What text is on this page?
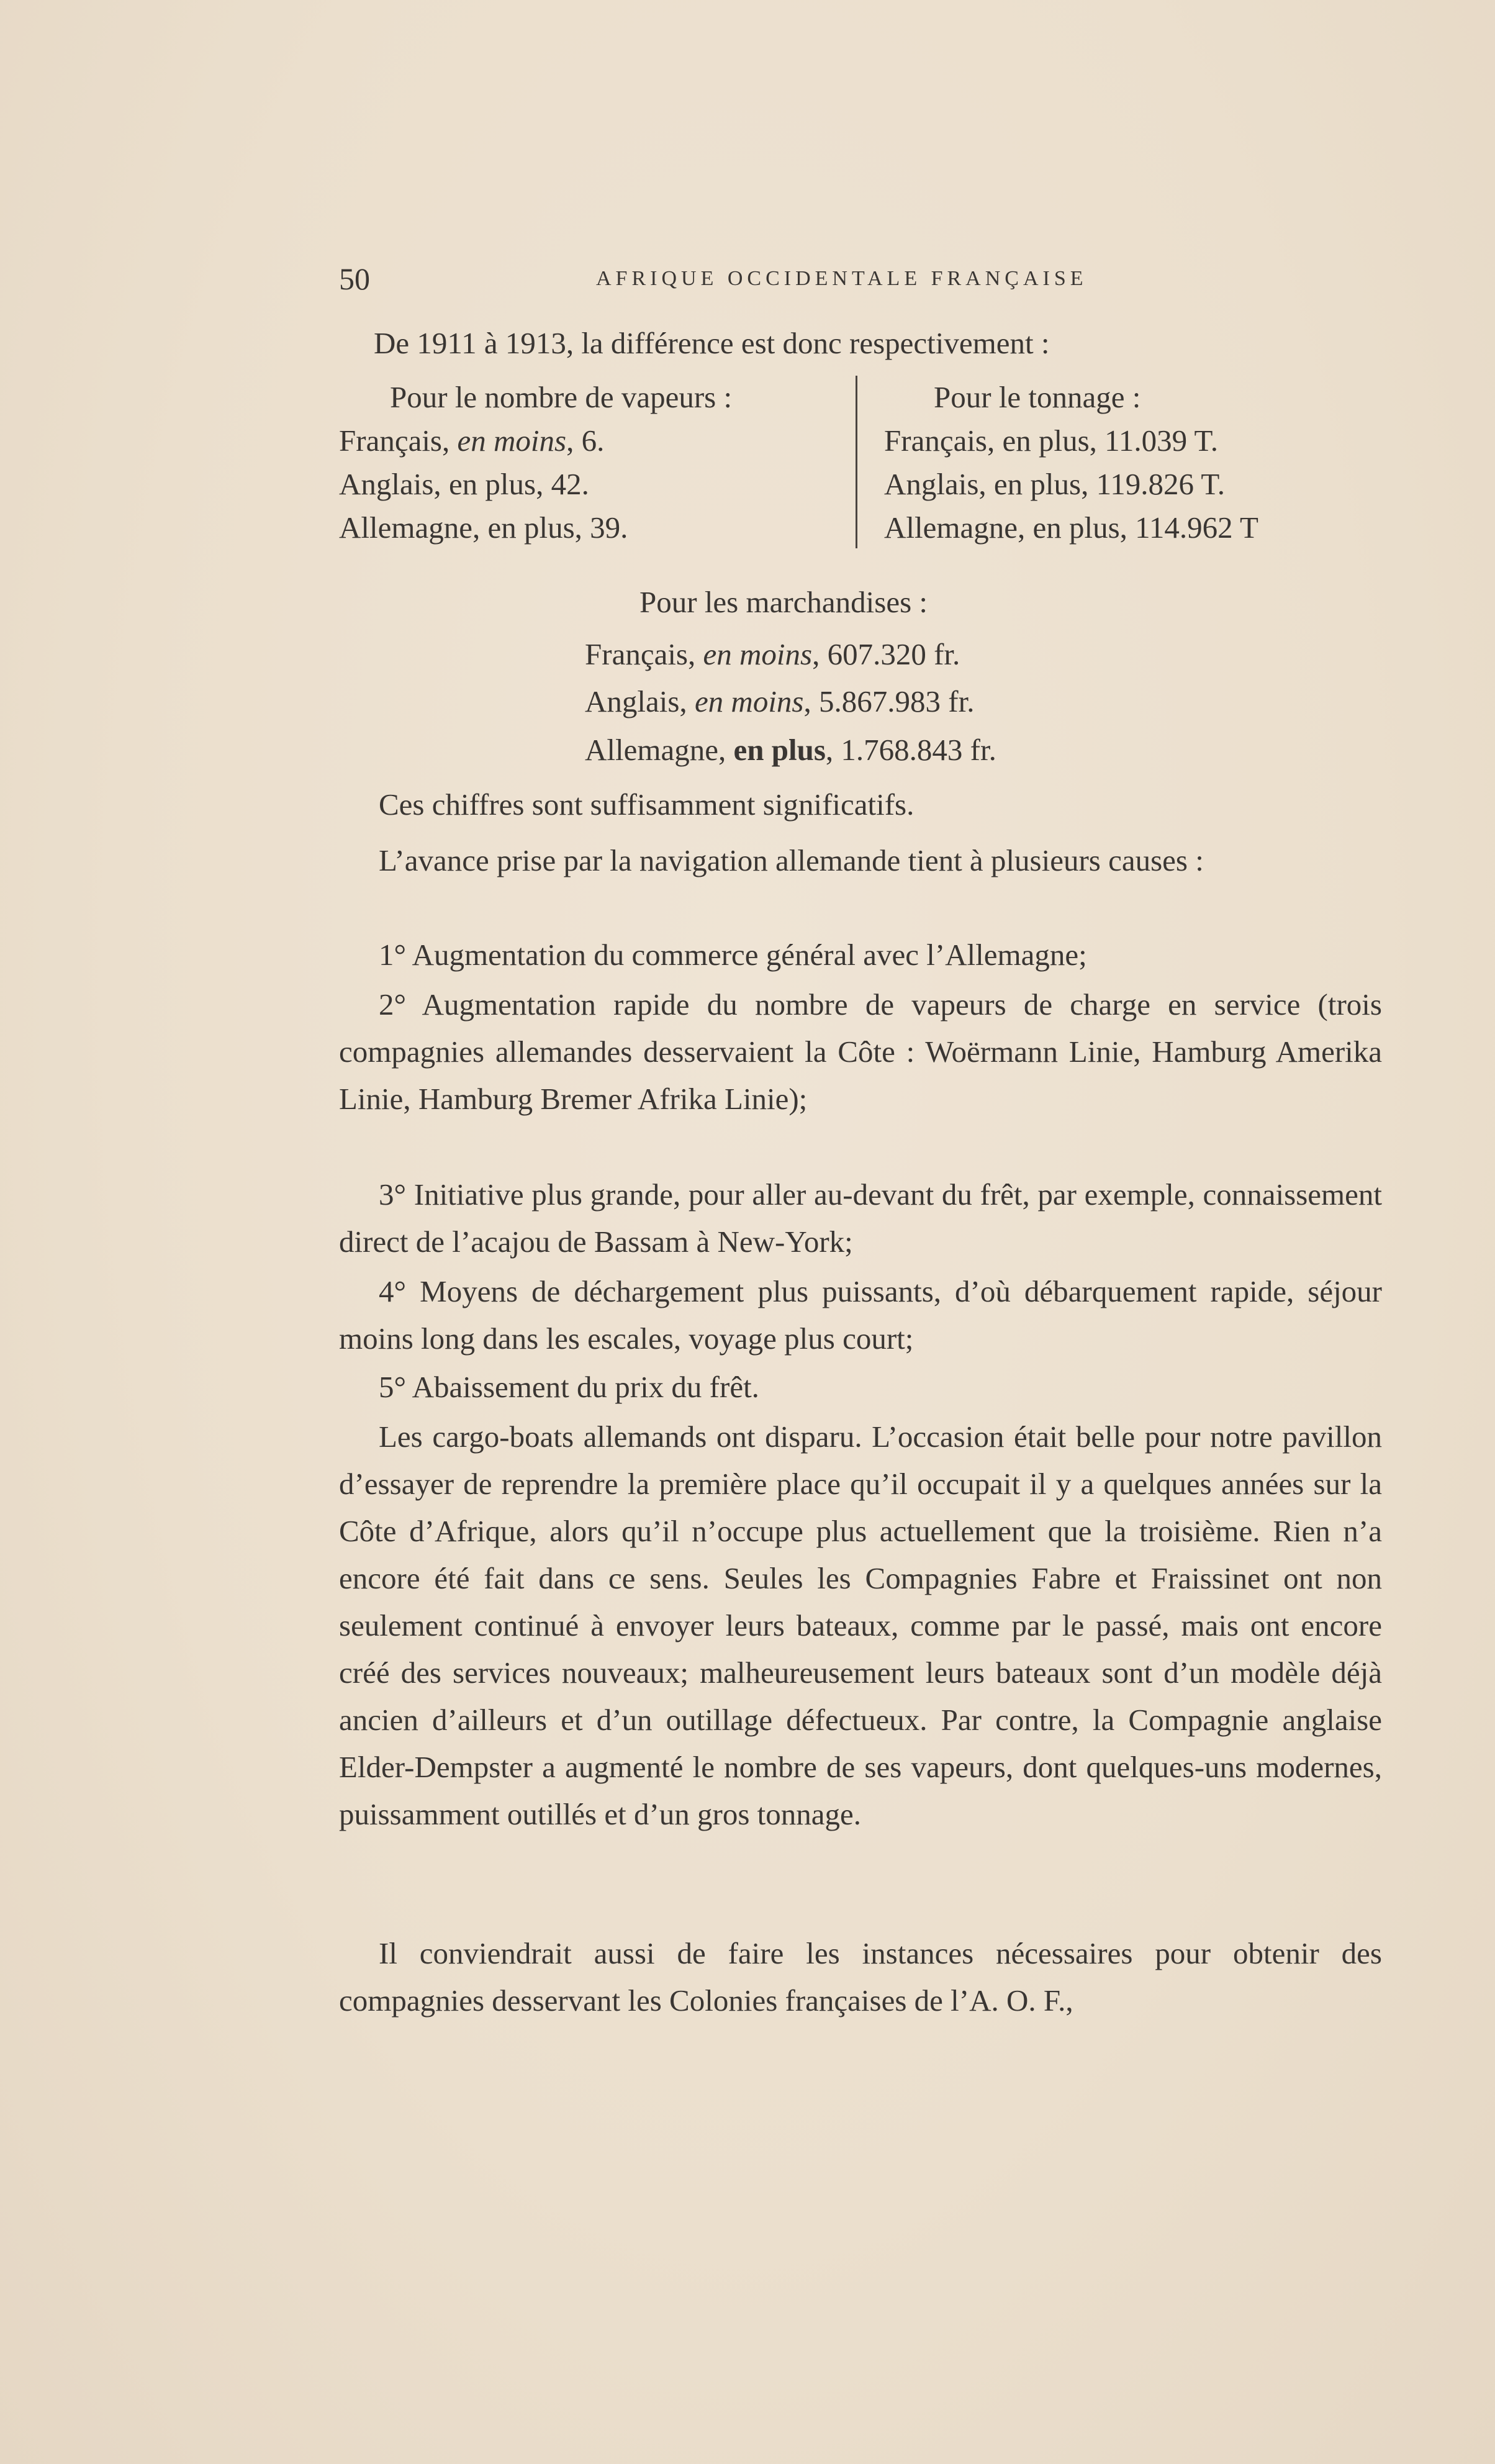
50	AFRIQUE OCCIDENTALE FRANÇAISE
De 1911 à 1913, la différence est donc respectivement :
Pour le nombre de vapeurs :
Français, en moins, 6.
Anglais, en plus, 42.
Allemagne, en plus, 39.
Pour le tonnage :
Français, en plus, 11.039 T.
Anglais, en plus, 119.826 T.
Allemagne, en plus, 114.962 T
Pour les marchandises :
Français, en moins, 607.320 fr.
Anglais, en moins, 5.867.983 fr.
Allemagne, en plus, 1.768.843 fr.
Ces chiffres sont suffisamment significatifs.
L’avance prise par la navigation allemande tient à plusieurs causes :
1° Augmentation du commerce général avec l’Allemagne;
2° Augmentation rapide du nombre de vapeurs de charge en service (trois compagnies allemandes desservaient la Côte : Woërmann Linie, Hamburg Amerika Linie, Hamburg Bremer Afrika Linie);
3° Initiative plus grande, pour aller au-devant du frêt, par exemple, connaissement direct de l’acajou de Bassam à New-York;
4° Moyens de déchargement plus puissants, d’où débarquement rapide, séjour moins long dans les escales, voyage plus court;
5° Abaissement du prix du frêt.
Les cargo-boats allemands ont disparu. L’occasion était belle pour notre pavillon d’essayer de reprendre la première place qu’il occupait il y a quelques années sur la Côte d’Afrique, alors qu’il n’occupe plus actuellement que la troisième. Rien n’a encore été fait dans ce sens. Seules les Compagnies Fabre et Fraissinet ont non seulement continué à envoyer leurs bateaux, comme par le passé, mais ont encore créé des services nouveaux; malheureusement leurs bateaux sont d’un modèle déjà ancien d’ailleurs et d’un outillage défectueux. Par contre, la Compagnie anglaise Elder-Dempster a augmenté le nombre de ses vapeurs, dont quelques-uns modernes, puissamment outillés et d’un gros tonnage.
Il conviendrait aussi de faire les instances nécessaires pour obtenir des compagnies desservant les Colonies françaises de l’A. O. F.,
